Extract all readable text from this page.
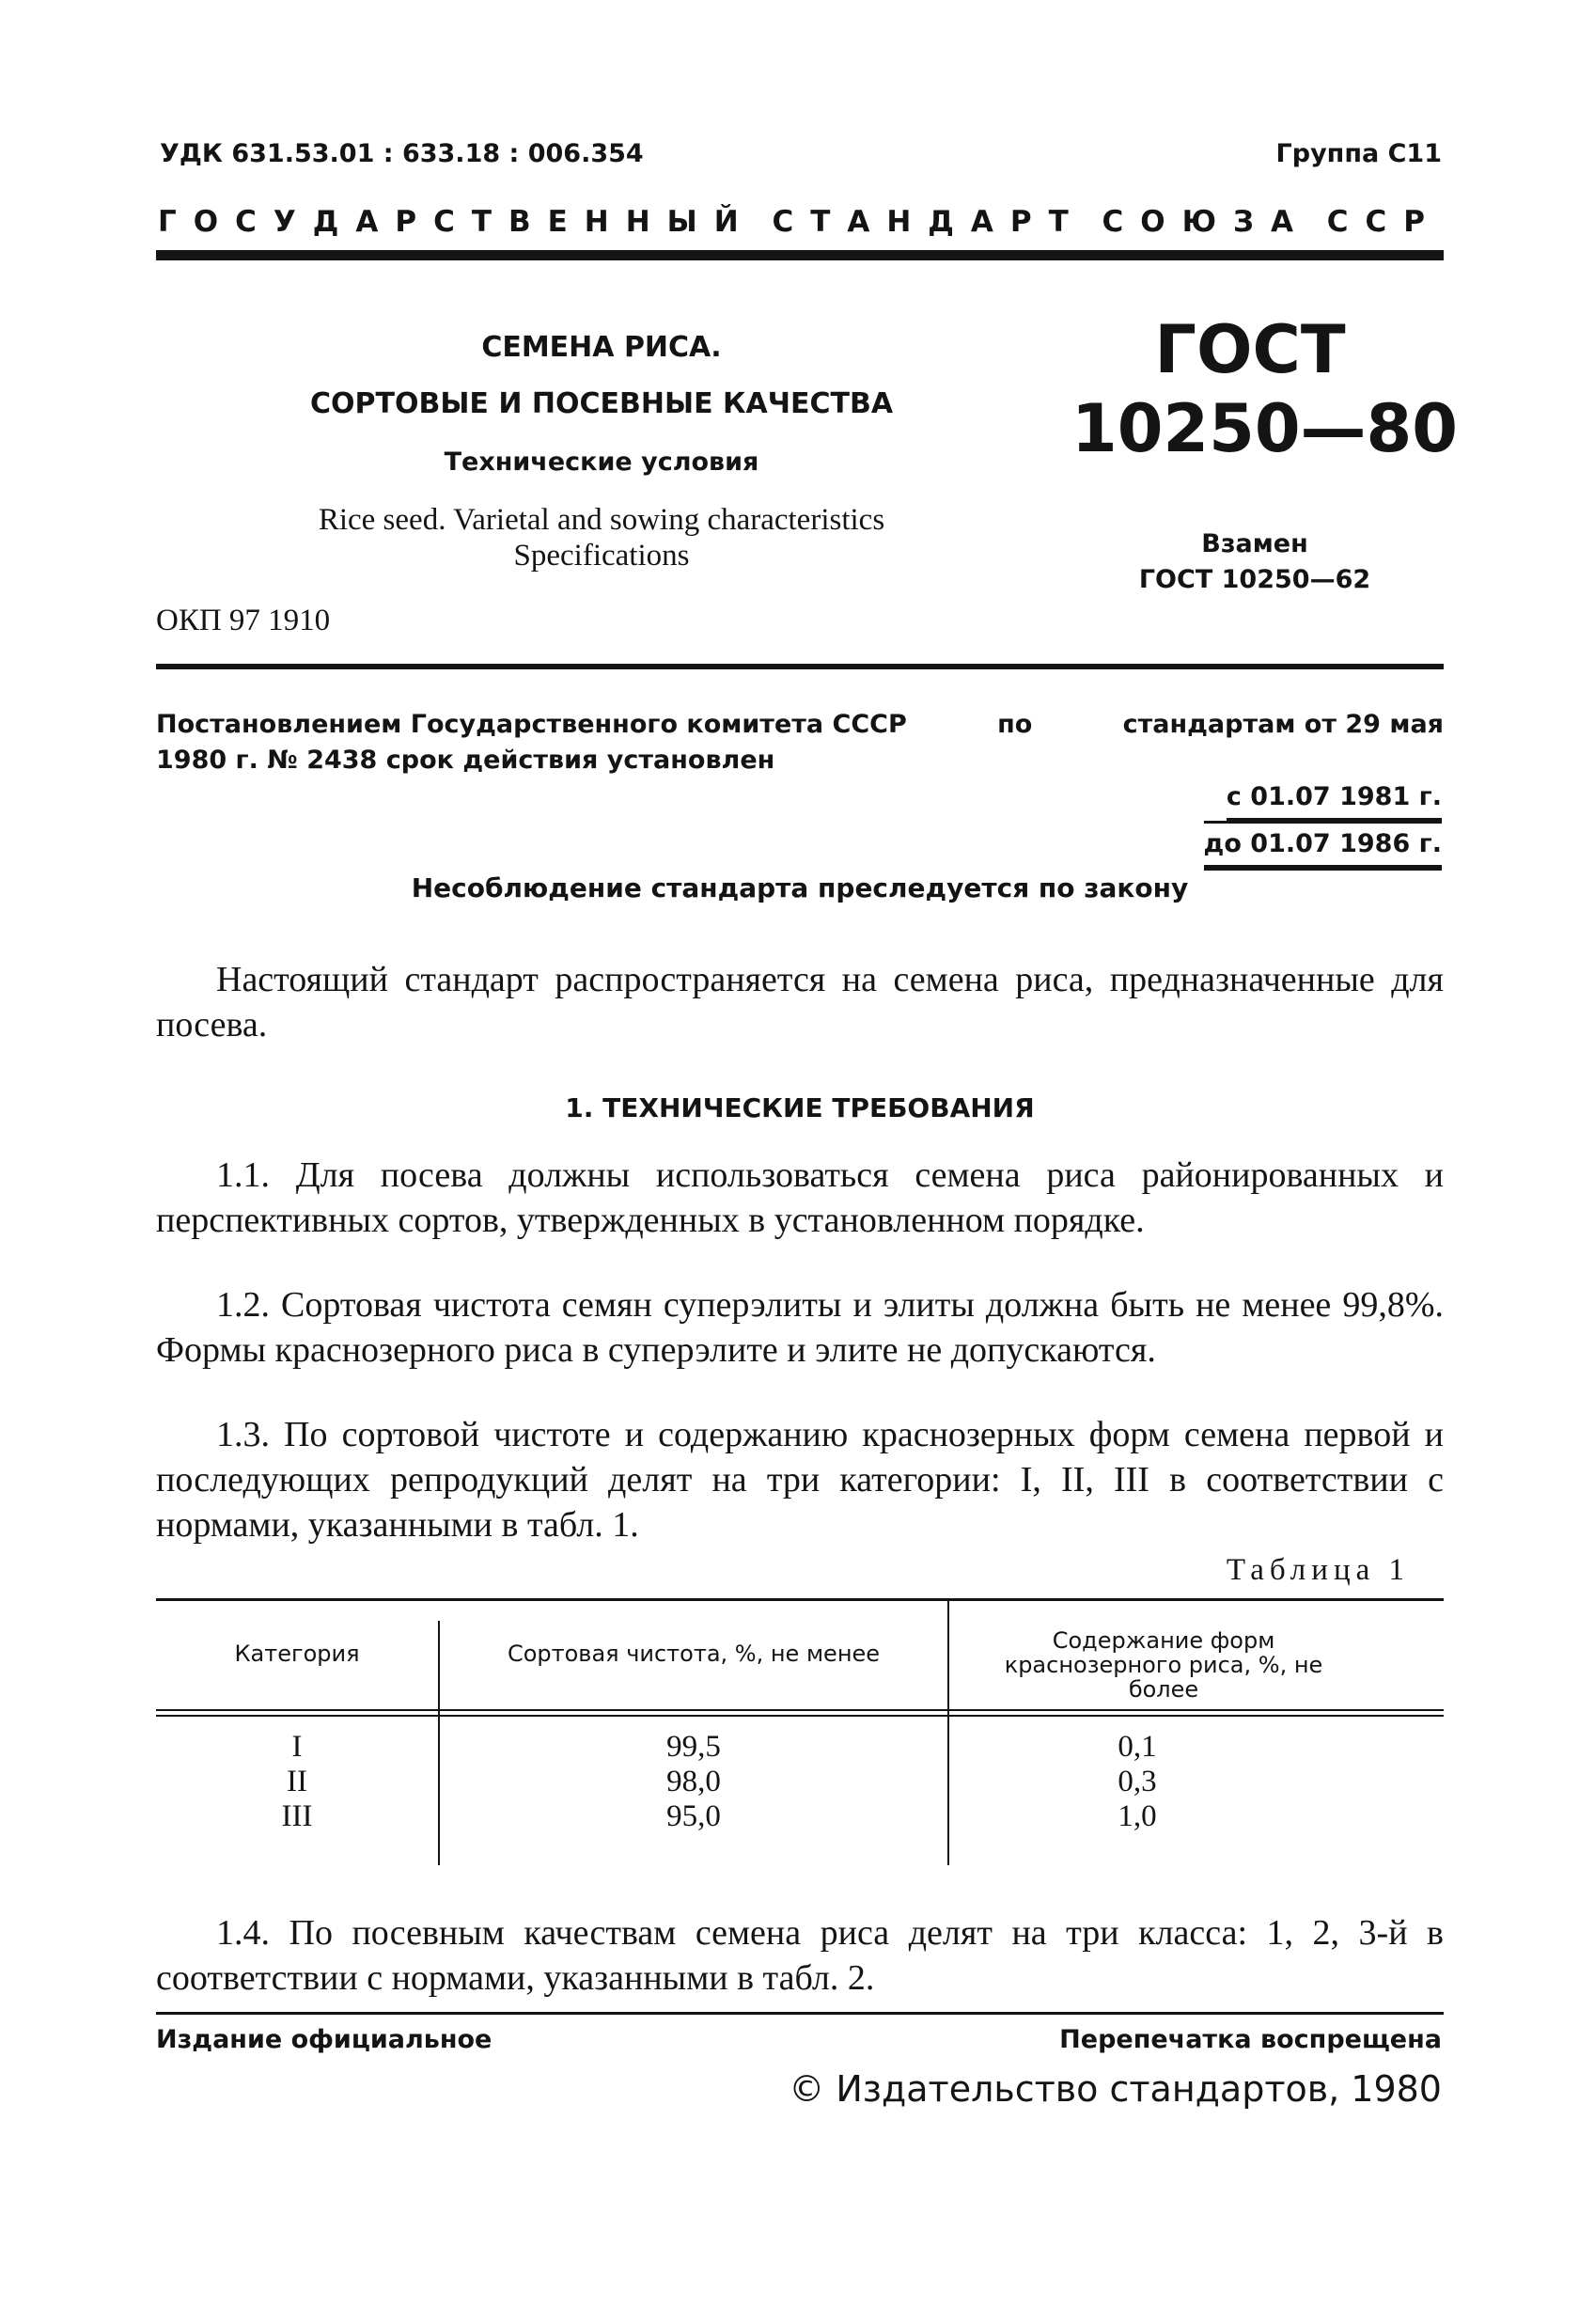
УДК 631.53.01 : 633.18 : 006.354	Группа С11
ГОСУДАРСТВЕННЫЙ СТАНДАРТ СОЮЗА ССР
СЕМЕНА РИСА.
СОРТОВЫЕ И ПОСЕВНЫЕ КАЧЕСТВА
Технические условия
Rice seed. Varietal and sowing characteristics
Specifications
ОКП 97 1910
ГОСТ
10250—80
Взамен
ГОСТ 10250—62
Постановлением Государственного комитета СССР	по	стандартам от 29 мая
1980 г. № 2438 срок действия установлен
с 01.07 1981 г.
до 01.07 1986 г.
Несоблюдение стандарта преследуется по закону
Настоящий стандарт распространяется на семена риса, предназначенные для посева.
1. ТЕХНИЧЕСКИЕ ТРЕБОВАНИЯ
1.1. Для посева должны использоваться семена риса районированных и перспективных сортов, утвержденных в установленном порядке.
1.2. Сортовая чистота семян суперэлиты и элиты должна быть не менее 99,8%. Формы краснозерного риса в суперэлите и элите не допускаются.
1.3. По сортовой чистоте и содержанию краснозерных форм семена первой и последующих репродукций делят на три категории: I, II, III в соответствии с нормами, указанными в табл. 1.
Таблица 1
Категория	Сортовая чистота, %, не менее	Содержание форм краснозерного риса, %, не более
I	99,5	0,1
II	98,0	0,3
III	95,0	1,0
1.4. По посевным качествам семена риса делят на три класса: 1, 2, 3-й в соответствии с нормами, указанными в табл. 2.
Издание официальное	Перепечатка воспрещена
© Издательство стандартов, 1980
